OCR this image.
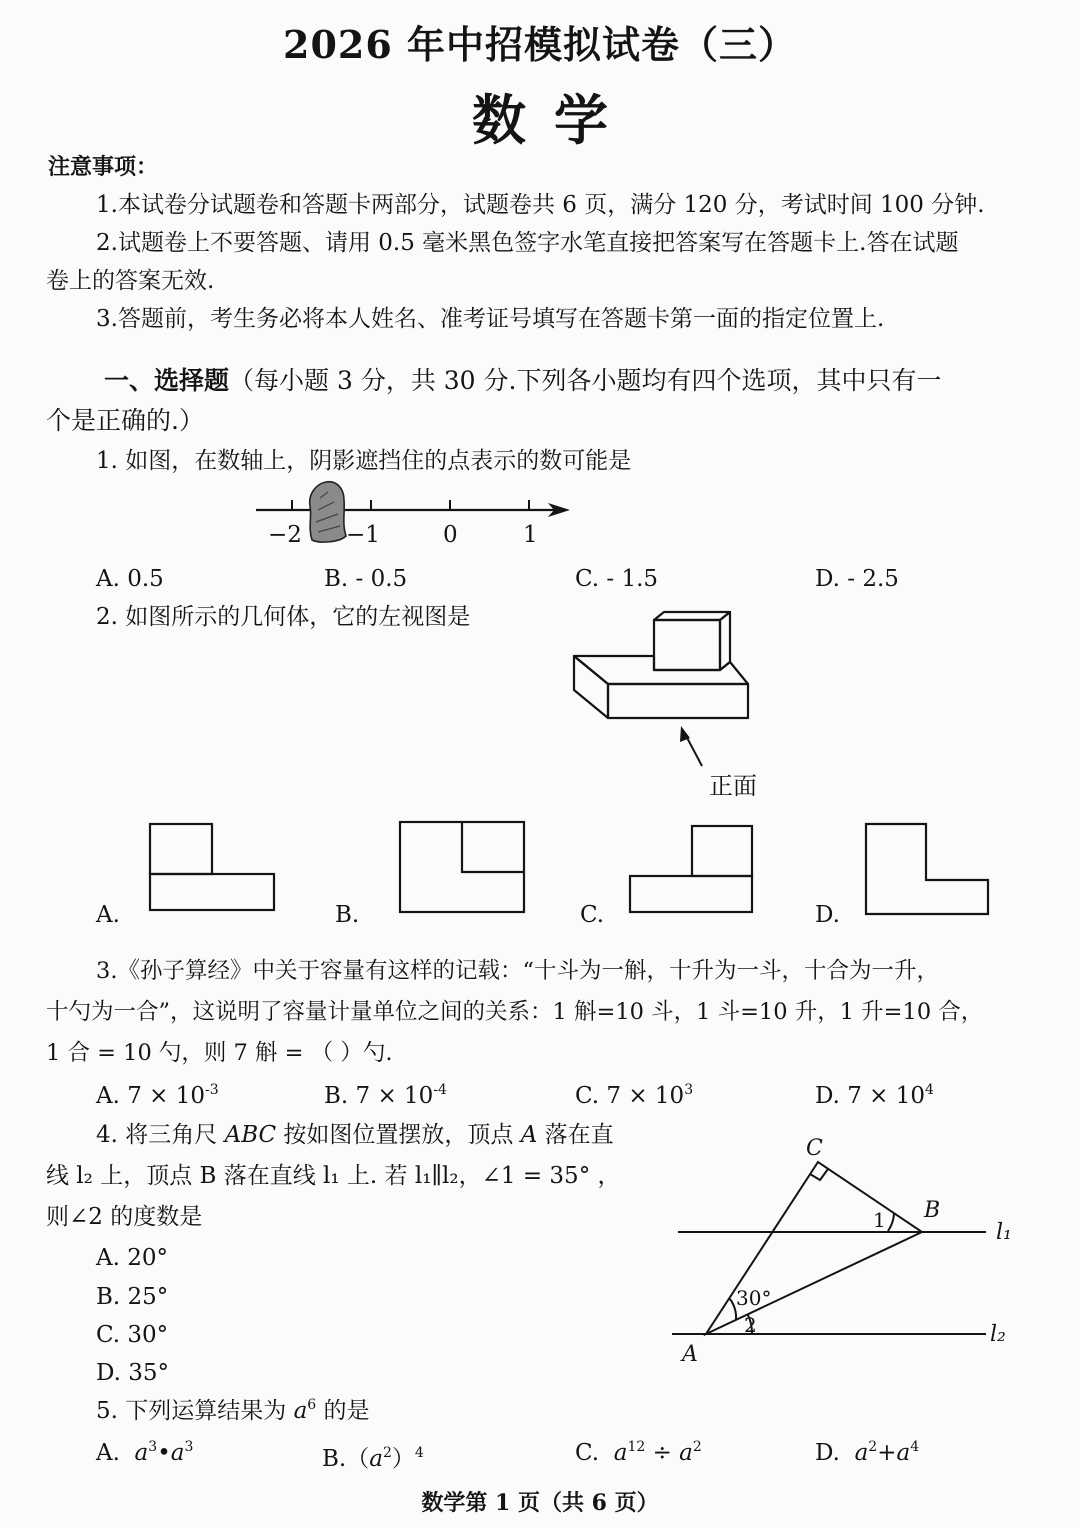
2026 年中招模拟试卷（三）
数学
注意事项：
1.本试卷分试题卷和答题卡两部分，试题卷共 6 页，满分 120 分，考试时间 100 分钟.
2.试题卷上不要答题、请用 0.5 毫米黑色签字水笔直接把答案写在答题卡上.答在试题
卷上的答案无效.
3.答题前，考生务必将本人姓名、准考证号填写在答题卡第一面的指定位置上.
一、选择题（每小题 3 分，共 30 分.下列各小题均有四个选项，其中只有一
个是正确的.）
1. 如图，在数轴上，阴影遮挡住的点表示的数可能是
−2 −1	0	1
A. 0.5	B. - 0.5	C. - 1.5	D. - 2.5
2. 如图所示的几何体，它的左视图是
正面
A.	B.	C.	D.
3.《孙子算经》中关于容量有这样的记载：“十斗为一斛，十升为一斗，十合为一升，
十勺为一合”，这说明了容量计量单位之间的关系：1 斛=10 斗，1 斗=10 升，1 升=10 合，
1 合 = 10 勺，则 7 斛 = （ ）勺.
A. $7 \times 10^{-3}$	B. $7 \times 10^{-4}$	C. $7 \times 10^3$	D. $7 \times 10^4$
4. 将三角尺 ABC 按如图位置摆放，顶点 A 落在直
线 l₂ 上，顶点 B 落在直线 l₁ 上. 若 l₁∥l₂，∠1 = 35° ，
则∠2 的度数是
A. 20°
B. 25°
C. 30°
D. 35°
C
B
A
l₁
l₂
1
30°
2
5. 下列运算结果为 $a^6$ 的是
A. $a^3•a^3$	$B.(a^2)^4$	C. $a^{12} \div a^2$	D. $a^2+a^4$
数学第 1 页（共 6 页）
